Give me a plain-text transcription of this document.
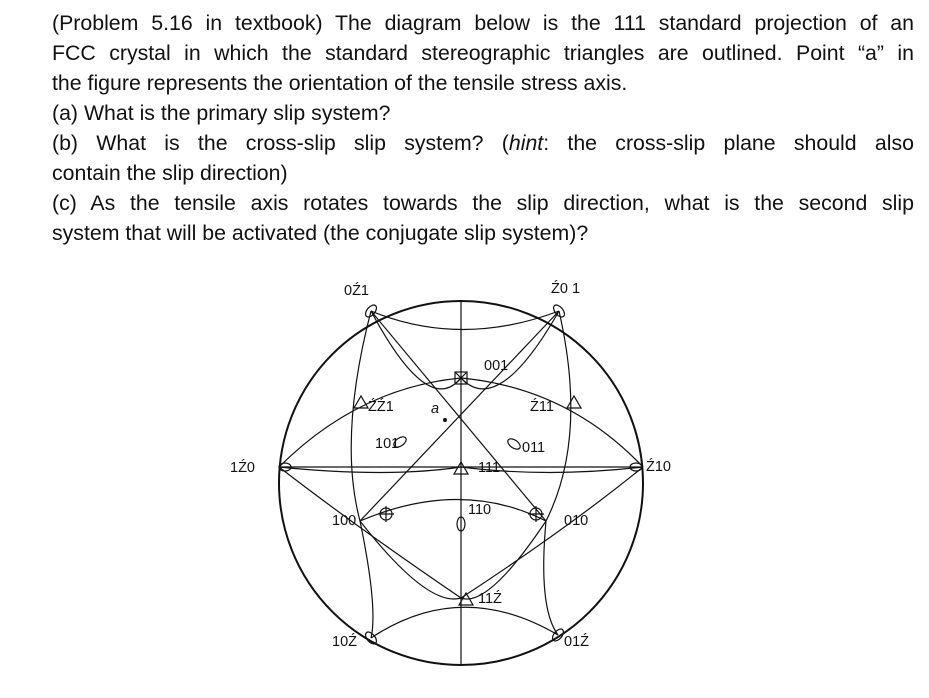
(Problem 5.16 in textbook) The diagram below is the 111 standard projection of an
FCC crystal in which the standard stereographic triangles are outlined. Point “a” in
the figure represents the orientation of the tensile stress axis.
(a) What is the primary slip system?
(b) What is the cross-slip slip system? (hint: the cross-slip plane should also
contain the slip direction)
(c) As the tensile axis rotates towards the slip direction, what is the second slip
system that will be activated (the conjugate slip system)?
0Ź1	Ź0 1
001
ŹŹ1	Ź11
a
101	011
1Ź0	111	Ź10
100
110
010
11Ź
10Ź	01Ź
